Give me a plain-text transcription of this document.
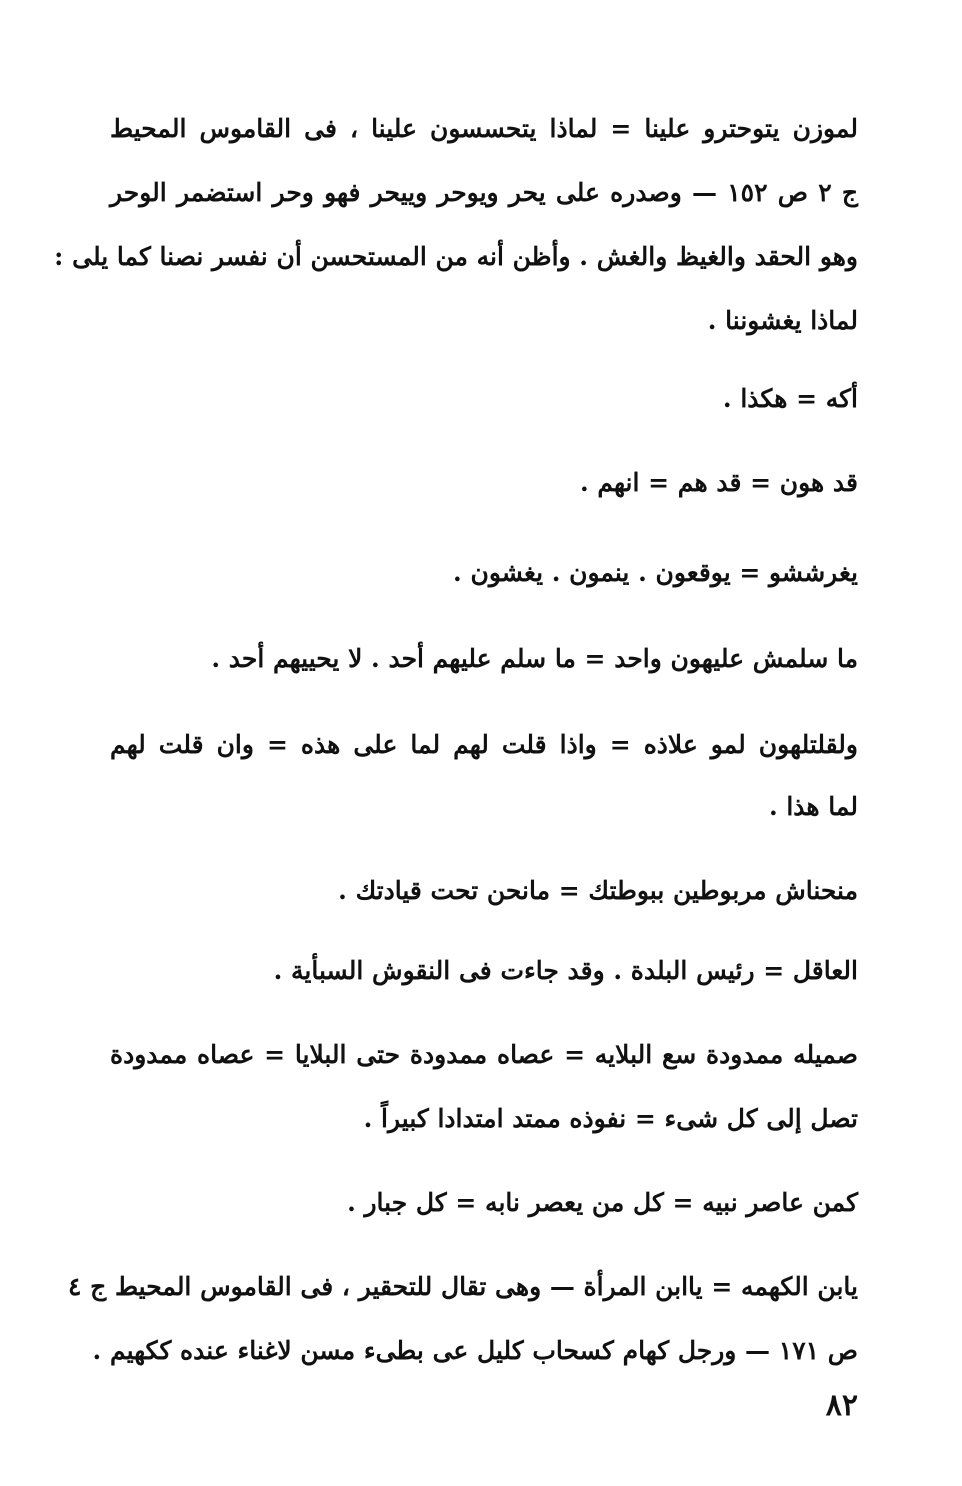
لموزن يتوحترو علينا = لماذا يتحسسون علينا ، فى القاموس المحيط
ج ٢ ص ١٥٢ — وصدره على يحر ويوحر وييحر فهو وحر استضمر الوحر
وهو الحقد والغيظ والغش . وأظن أنه من المستحسن أن نفسر نصنا كما يلى :
لماذا يغشوننا .
أكه = هكذا .
قد هون = قد هم = انهم .
يغرششو = يوقعون . ينمون . يغشون .
ما سلمش عليهون واحد = ما سلم عليهم أحد . لا يحييهم أحد .
ولقلتلهون لمو علاذه = واذا قلت لهم لما على هذه = وان قلت لهم
لما هذا .
منحناش مربوطين ببوطتك = مانحن تحت قيادتك .
العاقل = رئيس البلدة . وقد جاءت فى النقوش السبأية .
صميله ممدودة سع البلايه = عصاه ممدودة حتى البلايا = عصاه ممدودة
تصل إلى كل شىء = نفوذه ممتد امتدادا كبيراً .
كمن عاصر نبيه = كل من يعصر نابه = كل جبار .
يابن الكهمه = ياابن المرأة — وهى تقال للتحقير ، فى القاموس المحيط ج ٤
ص ١٧١ — ورجل كهام كسحاب كليل عى بطىء مسن لاغناء عنده ككهيم .
٨٢
